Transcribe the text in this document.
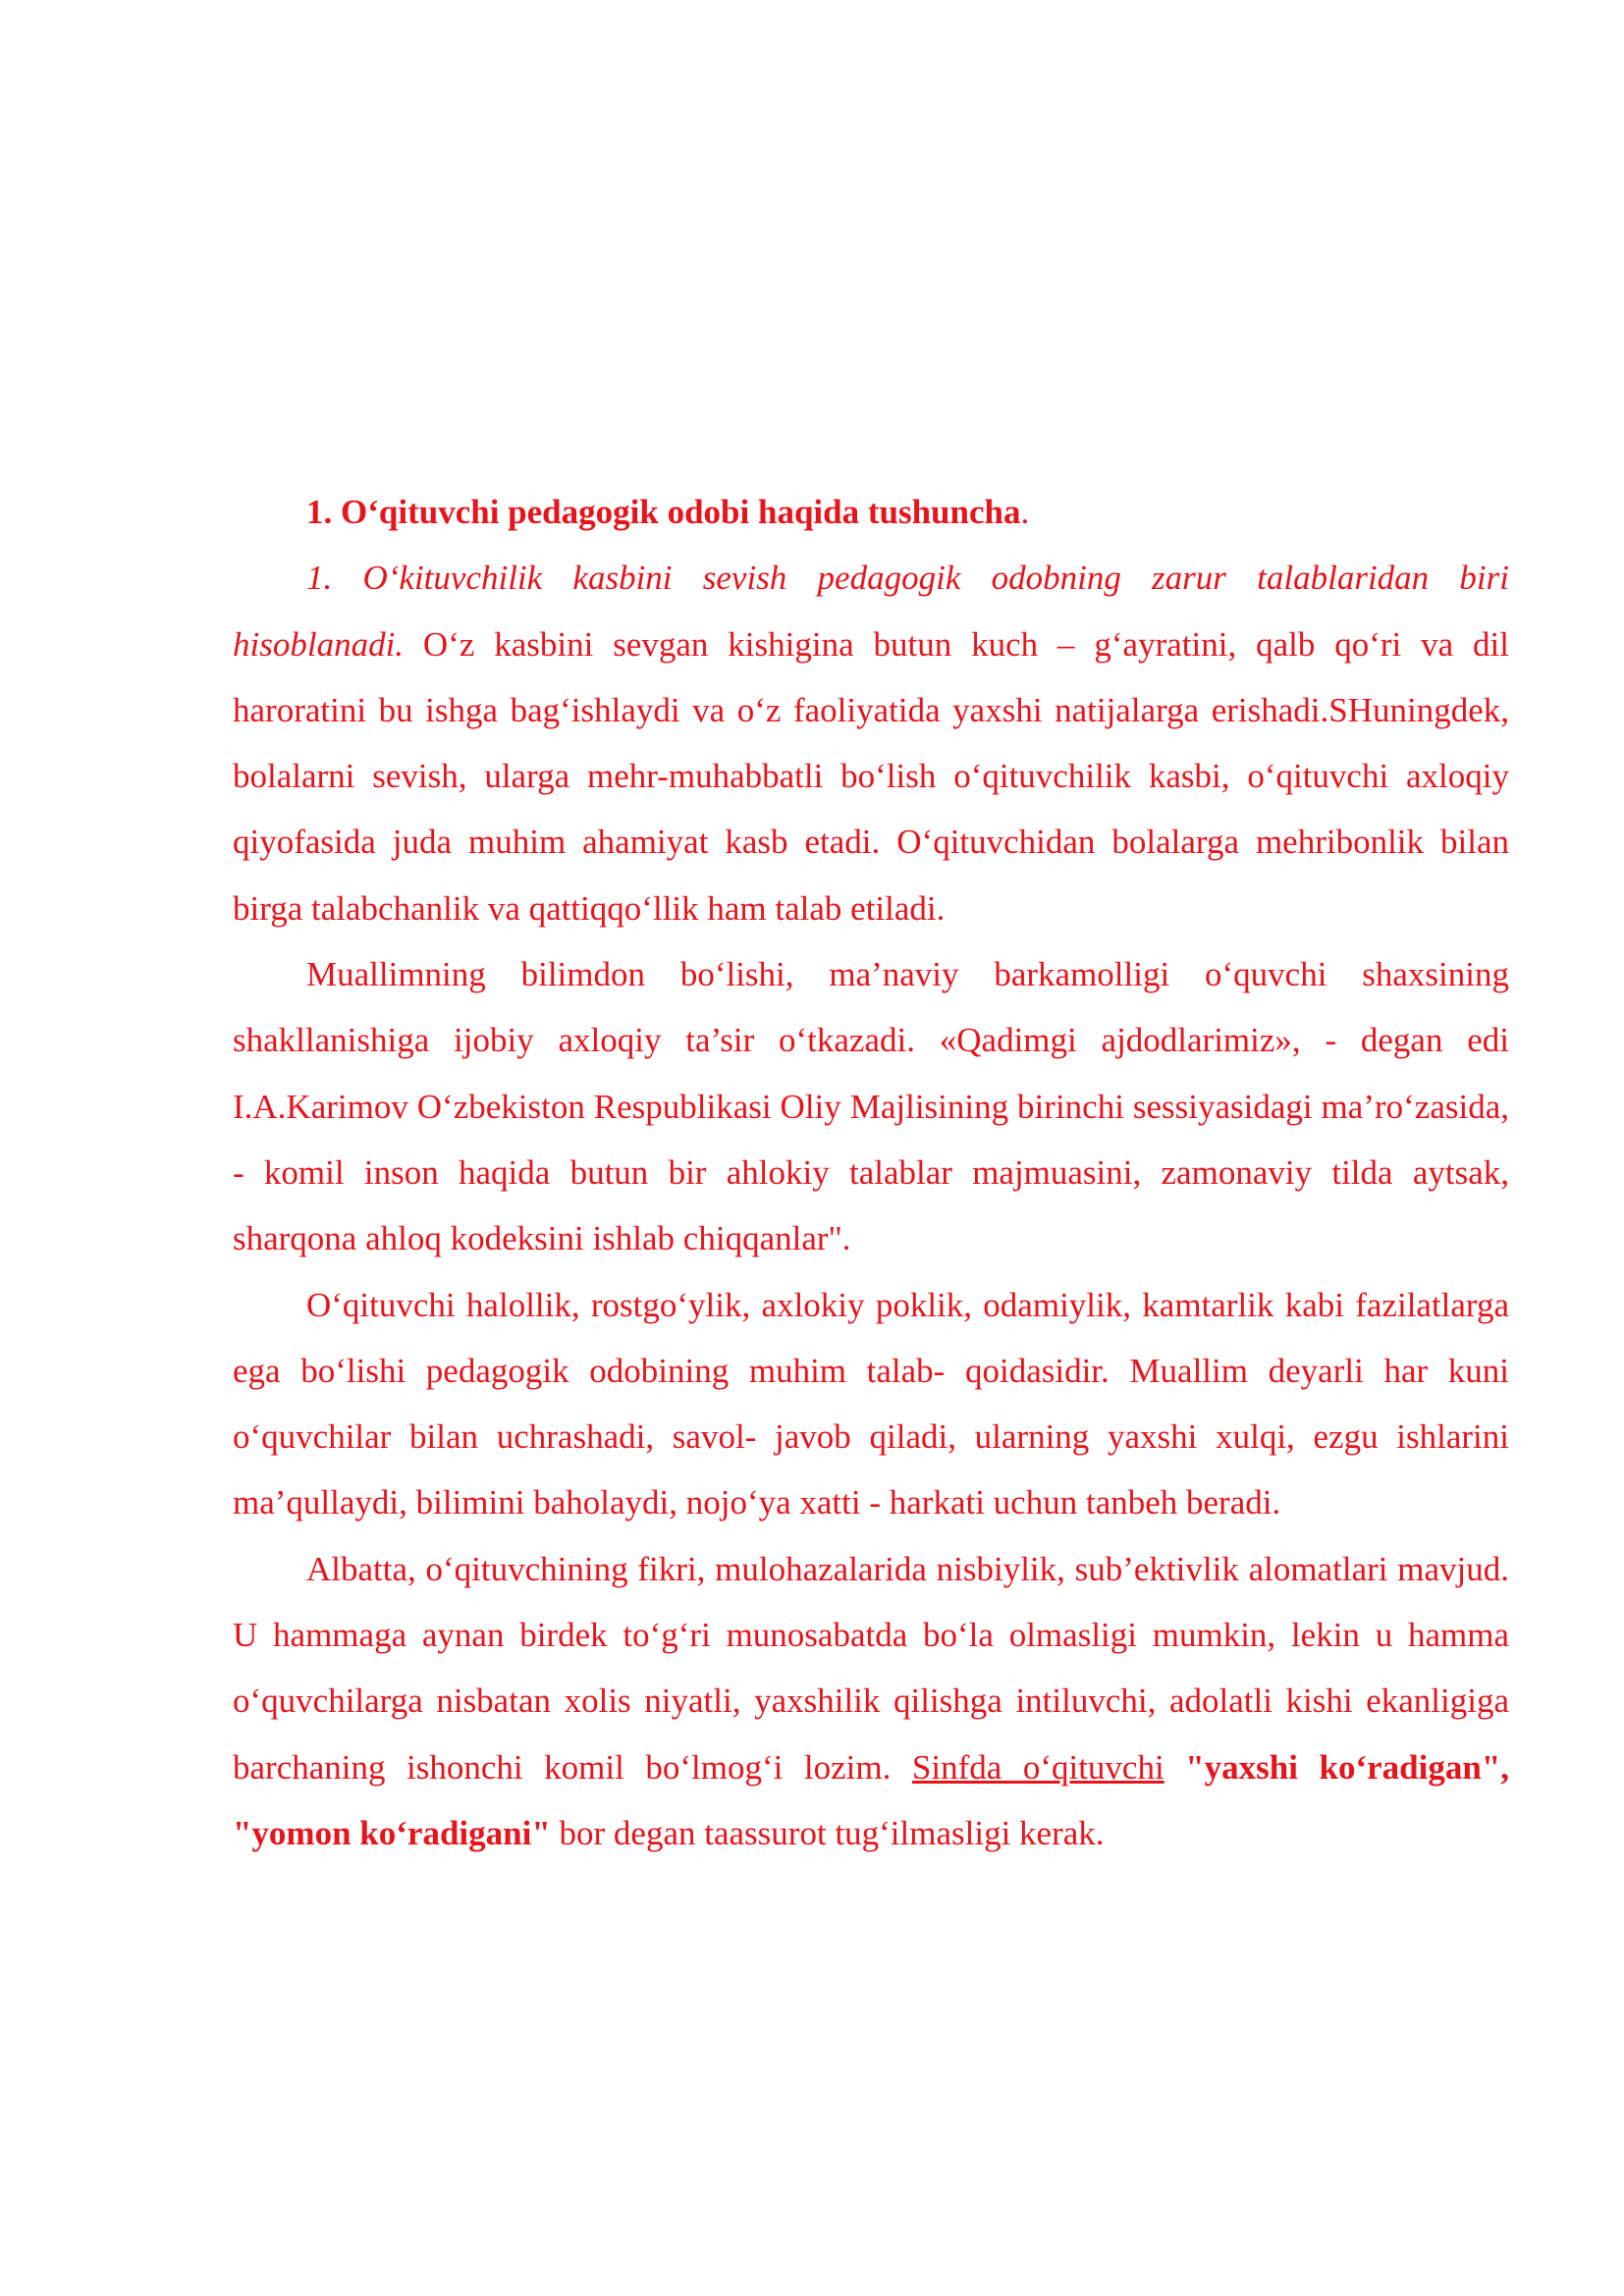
1. O‘qituvchi pedagogik odobi haqida tushuncha.

1. O‘kituvchilik kasbini sevish pedagogik odobning zarur talablaridan biri hisoblanadi. O‘z kasbini sevgan kishigina butun kuch – g‘ayratini, qalb qo‘ri va dil haroratini bu ishga bag‘ishlaydi va o‘z faoliyatida yaxshi natijalarga erishadi.SHuningdek, bolalarni sevish, ularga mehr-muhabbatli bo‘lish o‘qituvchilik kasbi, o‘qituvchi axloqiy qiyofasida juda muhim ahamiyat kasb etadi. O‘qituvchidan bolalarga mehribonlik bilan birga talabchanlik va qattiqqo‘llik ham talab etiladi.

Muallimning bilimdon bo‘lishi, ma’naviy barkamolligi o‘quvchi shaxsining shakllanishiga ijobiy axloqiy ta’sir o‘tkazadi. «Qadimgi ajdodlarimiz», - degan edi I.A.Karimov O‘zbekiston Respublikasi Oliy Majlisining birinchi sessiyasidagi ma’ro‘zasida, - komil inson haqida butun bir ahlokiy talablar majmuasini, zamonaviy tilda aytsak, sharqona ahloq kodeksini ishlab chiqqanlar".

O‘qituvchi halollik, rostgo‘ylik, axlokiy poklik, odamiylik, kamtarlik kabi fazilatlarga ega bo‘lishi pedagogik odobining muhim talab- qoidasidir. Muallim deyarli har kuni o‘quvchilar bilan uchrashadi, savol- javob qiladi, ularning yaxshi xulqi, ezgu ishlarini ma’qullaydi, bilimini baholaydi, nojo‘ya xatti - harkati uchun tanbeh beradi.

Albatta, o‘qituvchining fikri, mulohazalarida nisbiylik, sub’ektivlik alomatlari mavjud. U hammaga aynan birdek to‘g‘ri munosabatda bo‘la olmasligi mumkin, lekin u hamma o‘quvchilarga nisbatan xolis niyatli, yaxshilik qilishga intiluvchi, adolatli kishi ekanligiga barchaning ishonchi komil bo‘lmog‘i lozim. Sinfda o‘qituvchi "yaxshi ko‘radigan", "yomon ko‘radigani" bor degan taassurot tug‘ilmasligi kerak.
